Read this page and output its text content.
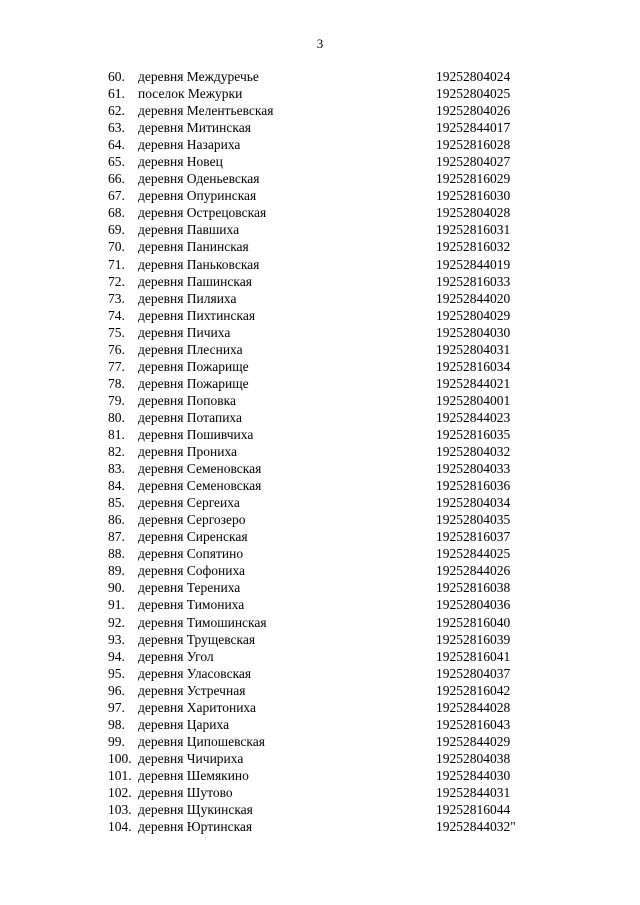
3
60. деревня Междуречье	19252804024
61. поселок Межурки	19252804025
62. деревня Мелентьевская	19252804026
63. деревня Митинская	19252844017
64. деревня Назариха	19252816028
65. деревня Новец	19252804027
66. деревня Оденьевская	19252816029
67. деревня Опуринская	19252816030
68. деревня Острецовская	19252804028
69. деревня Павшиха	19252816031
70. деревня Панинская	19252816032
71. деревня Паньковская	19252844019
72. деревня Пашинская	19252816033
73. деревня Пиляиха	19252844020
74. деревня Пихтинская	19252804029
75. деревня Пичиха	19252804030
76. деревня Плесниха	19252804031
77. деревня Пожарище	19252816034
78. деревня Пожарище	19252844021
79. деревня Поповка	19252804001
80. деревня Потапиха	19252844023
81. деревня Пошивчиха	19252816035
82. деревня Прониха	19252804032
83. деревня Семеновская	19252804033
84. деревня Семеновская	19252816036
85. деревня Сергеиха	19252804034
86. деревня Сергозеро	19252804035
87. деревня Сиренская	19252816037
88. деревня Сопятино	19252844025
89. деревня Софониха	19252844026
90. деревня Терениха	19252816038
91. деревня Тимониха	19252804036
92. деревня Тимошинская	19252816040
93. деревня Трущевская	19252816039
94. деревня Угол	19252816041
95. деревня Уласовская	19252804037
96. деревня Устречная	19252816042
97. деревня Харитониха	19252844028
98. деревня Цариха	19252816043
99. деревня Ципошевская	19252844029
100. деревня Чичириха	19252804038
101. деревня Шемякино	19252844030
102. деревня Шутово	19252844031
103. деревня Щукинская	19252816044
104. деревня Юртинская	19252844032"
